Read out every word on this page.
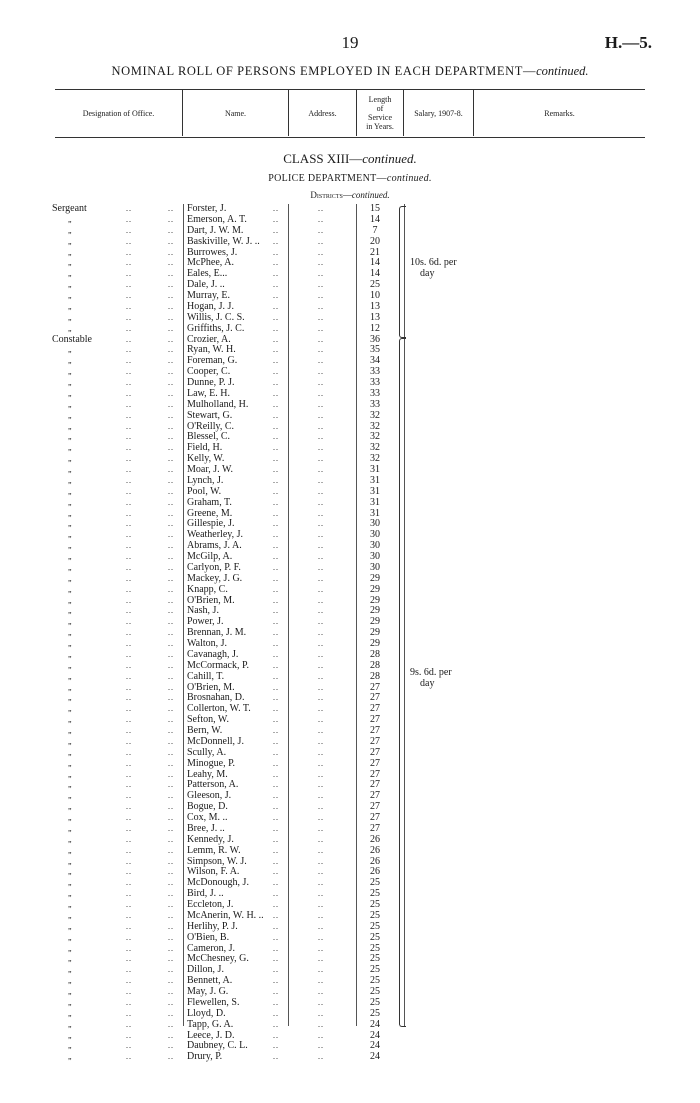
19	H.—5.
NOMINAL ROLL OF PERSONS EMPLOYED IN EACH DEPARTMENT—continued.
Designation of Office.	Name.	Address.
Length
of
Service
in Years.
Salary, 1907-8.	Remarks.
CLASS XIII—continued.
POLICE DEPARTMENT—continued.
Districts—continued.
10s. 6d. per
day
9s. 6d. per
day
Sergeant	..	.. Forster, J.	..	..	15
„	..	.. Emerson, A. T.	..	..	14
„	..	.. Dart, J. W. M.	..	..	7
„	..	.. Baskiville, W. J. .. ..	..	20
„	..	.. Burrowes, J.	..	..	21
„	..	.. McPhee, A.	..	..	14
„	..	.. Eales, E...	..	..	14
„	..	.. Dale, J. ..	..	..	25
„	..	.. Murray, E.	..	..	10
„	..	.. Hogan, J. J.	..	..	13
„	..	.. Willis, J. C. S.	..	..	13
„	..	.. Griffiths, J. C.	..	..	12
Constable	..	.. Crozier, A.	..	..	36
„	..	.. Ryan, W. H.	..	..	35
„	..	.. Foreman, G.	..	..	34
„	..	.. Cooper, C.	..	..	33
„	..	.. Dunne, P. J.	..	..	33
„	..	.. Law, E. H.	..	..	33
„	..	.. Mulholland, H.	..	..	33
„	..	.. Stewart, G.	..	..	32
„	..	.. O'Reilly, C.	..	..	32
„	..	.. Blessel, C.	..	..	32
„	..	.. Field, H.	..	..	32
„	..	.. Kelly, W.	..	..	32
„	..	.. Moar, J. W.	..	..	31
„	..	.. Lynch, J.	..	..	31
„	..	.. Pool, W.	..	..	31
„	..	.. Graham, T.	..	..	31
„	..	.. Greene, M.	..	..	31
„	..	.. Gillespie, J.	..	..	30
„	..	.. Weatherley, J.	..	..	30
„	..	.. Abrams, J. A.	..	..	30
„	..	.. McGilp, A.	..	..	30
„	..	.. Carlyon, P. F.	..	..	30
„	..	.. Mackey, J. G.	..	..	29
„	..	.. Knapp, C.	..	..	29
„	..	.. O'Brien, M.	..	..	29
„	..	.. Nash, J.	..	..	29
„	..	.. Power, J.	..	..	29
„	..	.. Brennan, J. M.	..	..	29
„	..	.. Walton, J.	..	..	29
„	..	.. Cavanagh, J.	..	..	28
„	..	.. McCormack, P.	..	..	28
„	..	.. Cahill, T.	..	..	28
„	..	.. O'Brien, M.	..	..	27
„	..	.. Brosnahan, D.	..	..	27
„	..	.. Collerton, W. T.	..	..	27
„	..	.. Sefton, W.	..	..	27
„	..	.. Bern, W.	..	..	27
„	..	.. McDonnell, J.	..	..	27
„	..	.. Scully, A.	..	..	27
„	..	.. Minogue, P.	..	..	27
„	..	.. Leahy, M.	..	..	27
„	..	.. Patterson, A.	..	..	27
„	..	.. Gleeson, J.	..	..	27
„	..	.. Bogue, D.	..	..	27
„	..	.. Cox, M. ..	..	..	27
„	..	.. Bree, J. ..	..	..	27
„	..	.. Kennedy, J.	..	..	26
„	..	.. Lemm, R. W.	..	..	26
„	..	.. Simpson, W. J.	..	..	26
„	..	.. Wilson, F. A.	..	..	26
„	..	.. McDonough, J.	..	..	25
„	..	.. Bird, J. ..	..	..	25
„	..	.. Eccleton, J.	..	..	25
„	..	.. McAnerin, W. H. .. ..	..	25
„	..	.. Herlihy, P. J.	..	..	25
„	..	.. O'Bien, B.	..	..	25
„	..	.. Cameron, J.	..	..	25
„	..	.. McChesney, G.	..	..	25
„	..	.. Dillon, J.	..	..	25
„	..	.. Bennett, A.	..	..	25
„	..	.. May, J. G.	..	..	25
„	..	.. Flewellen, S.	..	..	25
„	..	.. Lloyd, D.	..	..	25
„	..	.. Tapp, G. A.	..	..	24
„	..	.. Leece, J. D.	..	..	24
„	..	.. Daubney, C. L.	..	..	24
„	..	.. Drury, P.	..	..	24
